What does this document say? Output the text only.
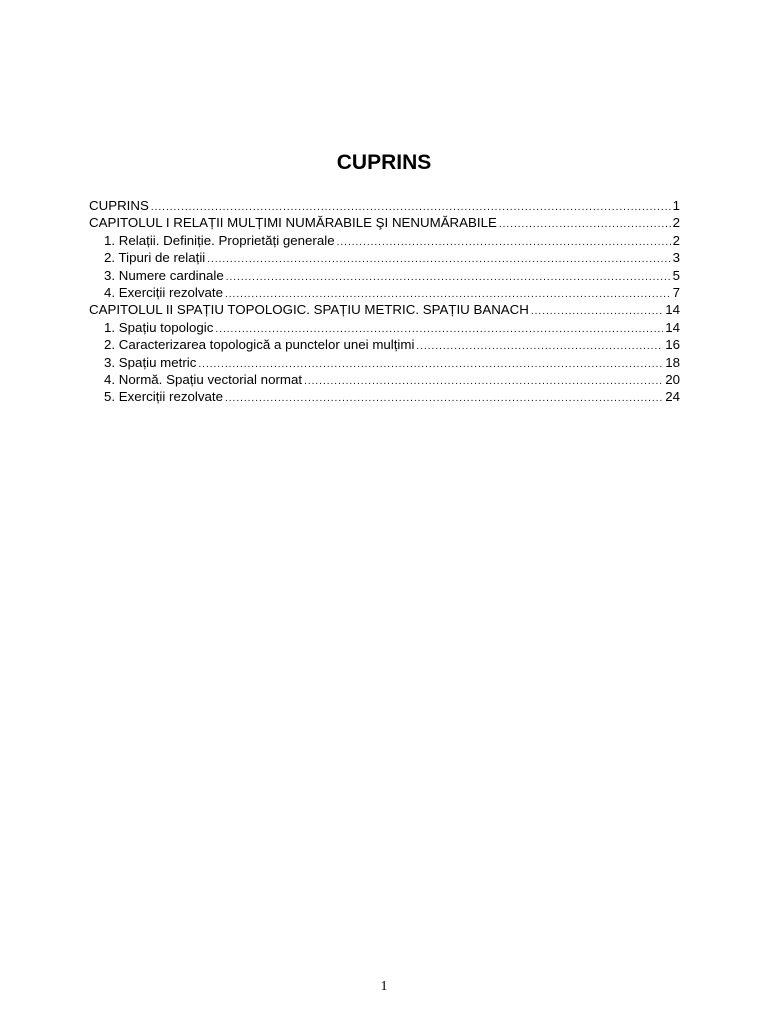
CUPRINS
CUPRINS .....	1
CAPITOLUL I RELAȚII MULȚIMI NUMĂRABILE ŞI NENUMĂRABILE .....	2
1. Relații. Definiție. Proprietăți generale .....	2
2. Tipuri de relații .....	3
3. Numere cardinale .....	5
4. Exerciții rezolvate .....	7
CAPITOLUL II SPAȚIU TOPOLOGIC. SPAȚIU METRIC. SPAȚIU BANACH .....	14
1. Spațiu topologic .....	14
2. Caracterizarea topologică a punctelor unei mulțimi .....	16
3. Spațiu metric .....	18
4. Normă. Spațiu vectorial normat .....	20
5. Exerciții rezolvate .....	24
1
